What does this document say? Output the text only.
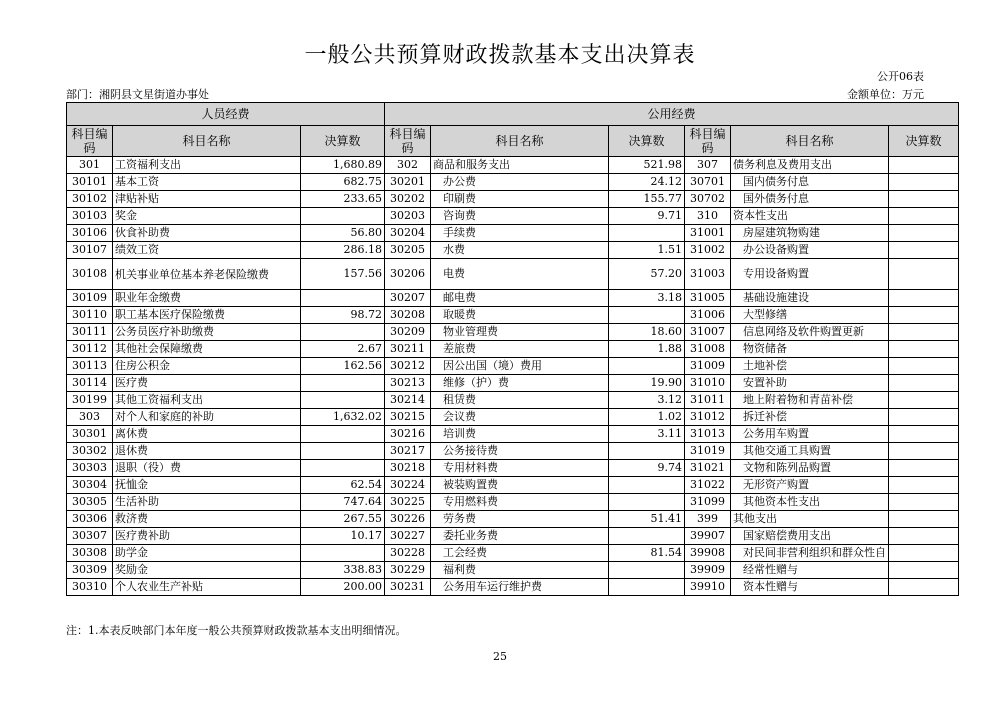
一般公共预算财政拨款基本支出决算表
公开06表
部门：湘阴县文星街道办事处	金额单位：万元
人员经费			公用经费					
科目编码	科目名称	决算数	科目编码	科目名称	决算数	科目编码	科目名称	决算数
301	工资福利支出	1,680.89	302	商品和服务支出	521.98	307	债务利息及费用支出	
30101	基本工资	682.75	30201	办公费	24.12	30701	国内债务付息	
30102	津贴补贴	233.65	30202	印刷费	155.77	30702	国外债务付息	
30103	奖金		30203	咨询费	9.71	310	资本性支出	
30106	伙食补助费	56.80	30204	手续费		31001	房屋建筑物购建	
30107	绩效工资	286.18	30205	水费	1.51	31002	办公设备购置	
30108	机关事业单位基本养老保险缴费	157.56	30206	电费	57.20	31003	专用设备购置	
30109	职业年金缴费		30207	邮电费	3.18	31005	基础设施建设	
30110	职工基本医疗保险缴费	98.72	30208	取暖费		31006	大型修缮	
30111	公务员医疗补助缴费		30209	物业管理费	18.60	31007	信息网络及软件购置更新	
30112	其他社会保障缴费	2.67	30211	差旅费	1.88	31008	物资储备	
30113	住房公积金	162.56	30212	因公出国（境）费用		31009	土地补偿	
30114	医疗费		30213	维修（护）费	19.90	31010	安置补助	
30199	其他工资福利支出		30214	租赁费	3.12	31011	地上附着物和青苗补偿	
303	对个人和家庭的补助	1,632.02	30215	会议费	1.02	31012	拆迁补偿	
30301	离休费		30216	培训费	3.11	31013	公务用车购置	
30302	退休费		30217	公务接待费		31019	其他交通工具购置	
30303	退职（役）费		30218	专用材料费	9.74	31021	文物和陈列品购置	
30304	抚恤金	62.54	30224	被装购置费		31022	无形资产购置	
30305	生活补助	747.64	30225	专用燃料费		31099	其他资本性支出	
30306	救济费	267.55	30226	劳务费	51.41	399	其他支出	
30307	医疗费补助	10.17	30227	委托业务费		39907	国家赔偿费用支出	
30308	助学金		30228	工会经费	81.54	39908	对民间非营利组织和群众性自	
30309	奖励金	338.83	30229	福利费		39909	经常性赠与	
30310	个人农业生产补贴	200.00	30231	公务用车运行维护费		39910	资本性赠与	
注：1.本表反映部门本年度一般公共预算财政拨款基本支出明细情况。
25
